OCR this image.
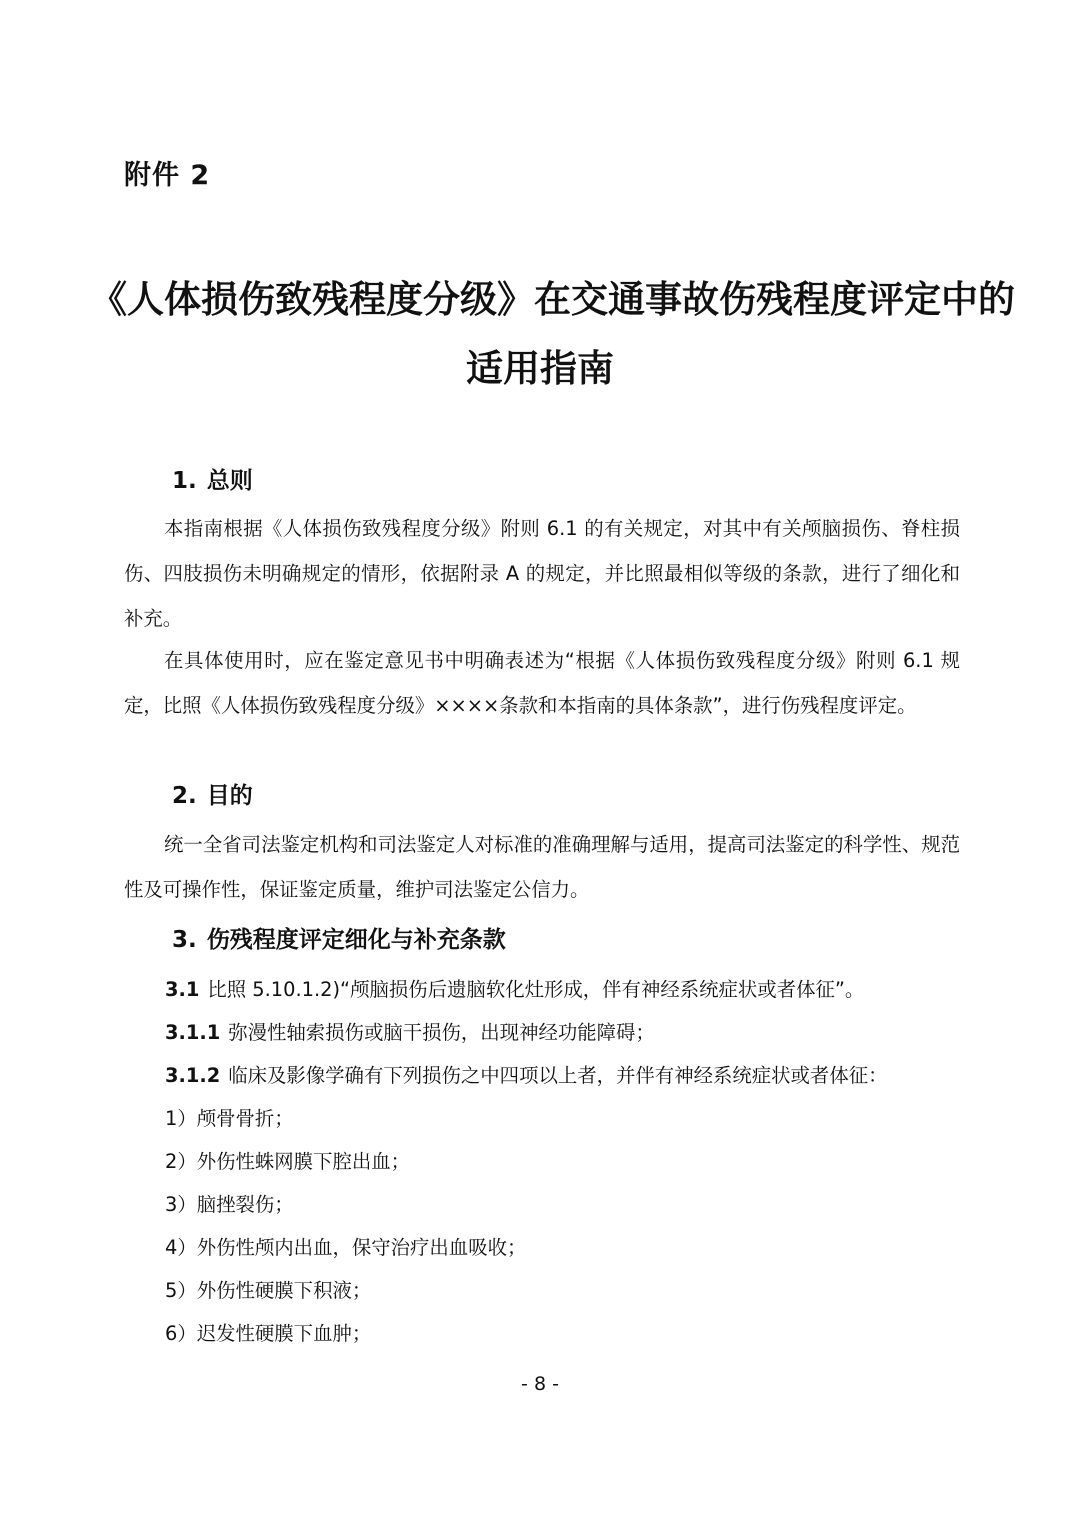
附件 2
《人体损伤致残程度分级》在交通事故伤残程度评定中的
适用指南
1. 总则
本指南根据《人体损伤致残程度分级》附则 6.1 的有关规定，对其中有关颅脑损伤、脊柱损伤、四肢损伤未明确规定的情形，依据附录 A 的规定，并比照最相似等级的条款，进行了细化和补充。
在具体使用时，应在鉴定意见书中明确表述为“根据《人体损伤致残程度分级》附则 6.1 规定，比照《人体损伤致残程度分级》××××条款和本指南的具体条款”，进行伤残程度评定。
2. 目的
统一全省司法鉴定机构和司法鉴定人对标准的准确理解与适用，提高司法鉴定的科学性、规范性及可操作性，保证鉴定质量，维护司法鉴定公信力。
3. 伤残程度评定细化与补充条款
3.1 比照 5.10.1.2)“颅脑损伤后遗脑软化灶形成，伴有神经系统症状或者体征”。
3.1.1 弥漫性轴索损伤或脑干损伤，出现神经功能障碍；
3.1.2 临床及影像学确有下列损伤之中四项以上者，并伴有神经系统症状或者体征：
1）颅骨骨折；
2）外伤性蛛网膜下腔出血；
3）脑挫裂伤；
4）外伤性颅内出血，保守治疗出血吸收；
5）外伤性硬膜下积液；
6）迟发性硬膜下血肿；
- 8 -
